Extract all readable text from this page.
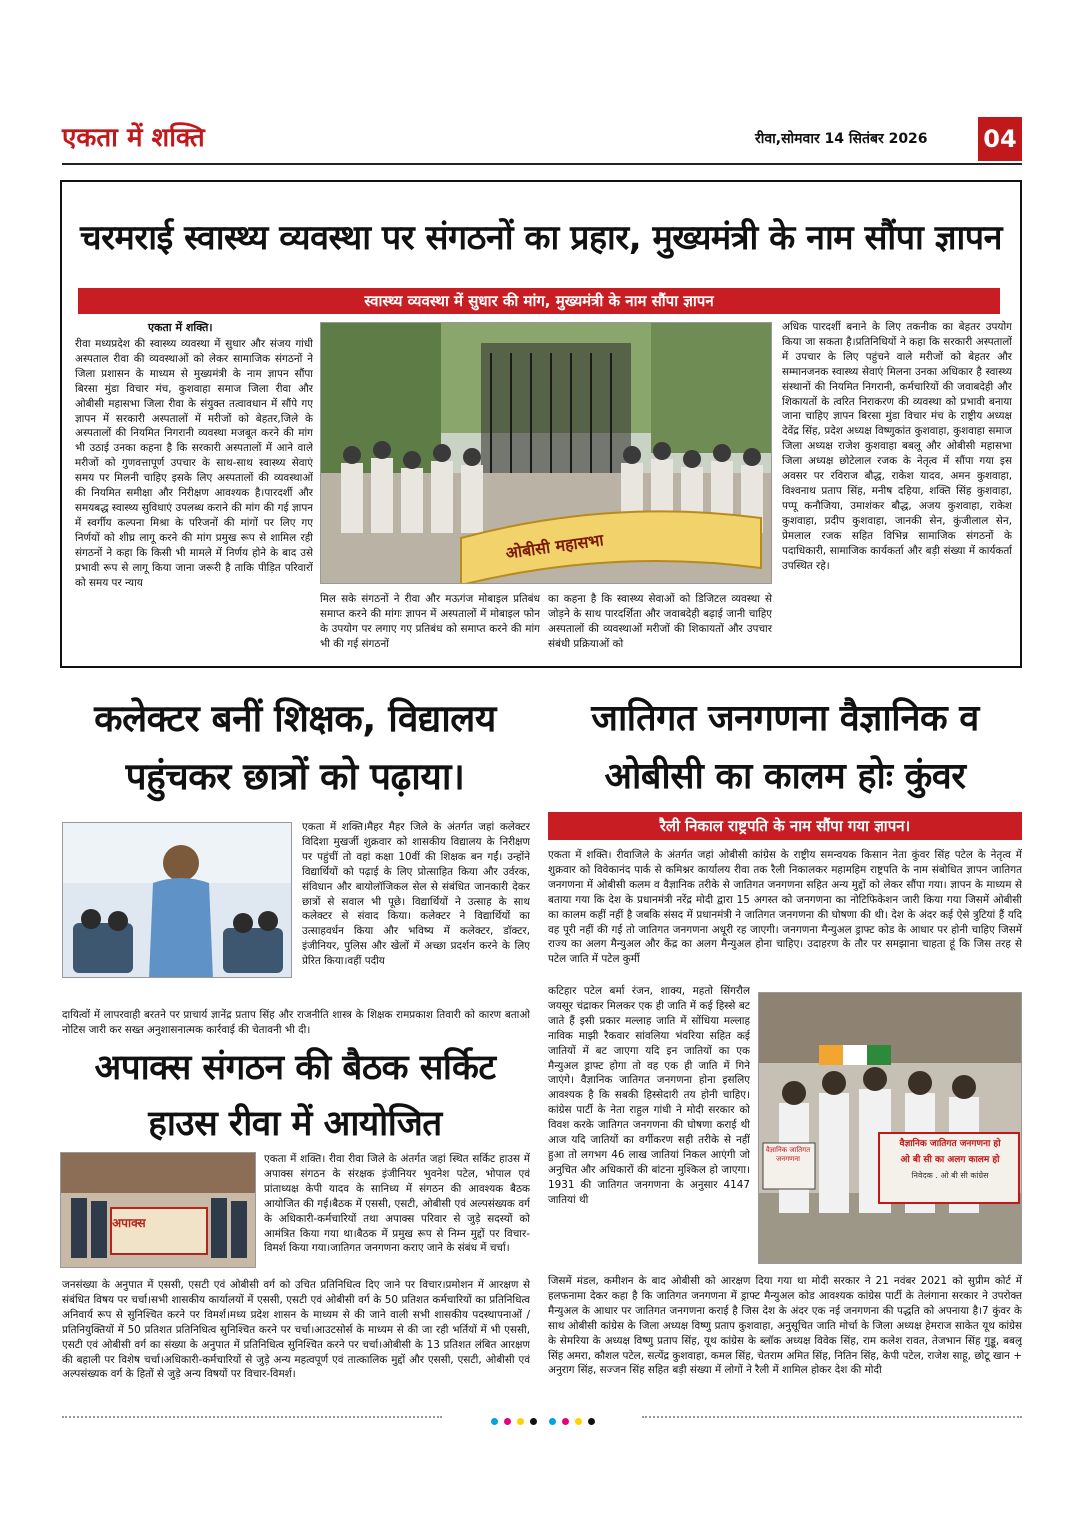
एकता में शक्ति	रीवा,सोमवार 14 सितंबर 2026	04
चरमराई स्वास्थ्य व्यवस्था पर संगठनों का प्रहार, मुख्यमंत्री के नाम सौंपा ज्ञापन
स्वास्थ्य व्यवस्था में सुधार की मांग, मुख्यमंत्री के नाम सौंपा ज्ञापन
एकता में शक्ति।
रीवा मध्यप्रदेश की स्वास्थ्य व्यवस्था में सुधार और संजय गांधी अस्पताल रीवा की व्यवस्थाओं को लेकर सामाजिक संगठनों ने जिला प्रशासन के माध्यम से मुख्यमंत्री के नाम ज्ञापन सौंपा बिरसा मुंडा विचार मंच, कुशवाहा समाज जिला रीवा और ओबीसी महासभा जिला रीवा के संयुक्त तत्वावधान में सौंपे गए ज्ञापन में सरकारी अस्पतालों में मरीजों को बेहतर,जिले के अस्पतालों की नियमित निगरानी व्यवस्था मजबूत करने की मांग भी उठाई उनका कहना है कि सरकारी अस्पतालों में आने वाले मरीजों को गुणवत्तापूर्ण उपचार के साथ-साथ स्वास्थ्य सेवाएं समय पर मिलनी चाहिए इसके लिए अस्पतालों की व्यवस्थाओं की नियमित समीक्षा और निरीक्षण आवश्यक है।पारदर्शी और समयबद्ध स्वास्थ्य सुविधाएं उपलब्ध कराने की मांग की गई ज्ञापन में स्वर्गीय कल्पना मिश्रा के परिजनों की मांगों पर लिए गए निर्णयों को शीघ्र लागू करने की मांग प्रमुख रूप से शामिल रही संगठनों ने कहा कि किसी भी मामले में निर्णय होने के बाद उसे प्रभावी रूप से लागू किया जाना जरूरी है ताकि पीड़ित परिवारों को समय पर न्याय
ओबीसी महासभा
मिल सके संगठनों ने रीवा और मऊगंज मोबाइल प्रतिबंध समाप्त करने की मांगः ज्ञापन में अस्पतालों में मोबाइल फोन के उपयोग पर लगाए गए प्रतिबंध को समाप्त करने की मांग भी की गई संगठनों
का कहना है कि स्वास्थ्य सेवाओं को डिजिटल व्यवस्था से जोड़ने के साथ पारदर्शिता और जवाबदेही बढ़ाई जानी चाहिए अस्पतालों की व्यवस्थाओं मरीजों की शिकायतों और उपचार संबंधी प्रक्रियाओं को
अधिक पारदर्शी बनाने के लिए तकनीक का बेहतर उपयोग किया जा सकता है।प्रतिनिधियों ने कहा कि सरकारी अस्पतालों में उपचार के लिए पहुंचने वाले मरीजों को बेहतर और सम्मानजनक स्वास्थ्य सेवाएं मिलना उनका अधिकार है स्वास्थ्य संस्थानों की नियमित निगरानी, कर्मचारियों की जवाबदेही और शिकायतों के त्वरित निराकरण की व्यवस्था को प्रभावी बनाया जाना चाहिए ज्ञापन बिरसा मुंडा विचार मंच के राष्ट्रीय अध्यक्ष देवेंद्र सिंह, प्रदेश अध्यक्ष विष्णुकांत कुशवाहा, कुशवाहा समाज जिला अध्यक्ष राजेश कुशवाहा बबलू और ओबीसी महासभा जिला अध्यक्ष छोटेलाल रजक के नेतृत्व में सौंपा गया इस अवसर पर रविराज बौद्ध, राकेश यादव, अमन कुशवाहा, विश्वनाथ प्रताप सिंह, मनीष दहिया, शक्ति सिंह कुशवाहा, पप्पू कनौजिया, उमाशंकर बौद्ध, अजय कुशवाहा, राकेश कुशवाहा, प्रदीप कुशवाहा, जानकी सेन, कुंजीलाल सेन, प्रेमलाल रजक सहित विभिन्न सामाजिक संगठनों के पदाधिकारी, सामाजिक कार्यकर्ता और बड़ी संख्या में कार्यकर्ता उपस्थित रहे।
कलेक्टर बनीं शिक्षक, विद्यालय पहुंचकर छात्रों को पढ़ाया।
एकता में शक्ति।मैहर मैहर जिले के अंतर्गत जहां कलेक्टर विदिशा मुखर्जी शुक्रवार को शासकीय विद्यालय के निरीक्षण पर पहुंचीं तो वहां कक्षा 10वीं की शिक्षक बन गईं। उन्होंने विद्यार्थियों को पढ़ाई के लिए प्रोत्साहित किया और उर्वरक, संविधान और बायोलॉजिकल सेल से संबंधित जानकारी देकर छात्रों से सवाल भी पूछे। विद्यार्थियों ने उत्साह के साथ कलेक्टर से संवाद किया। कलेक्टर ने विद्यार्थियों का उत्साहवर्धन किया और भविष्य में कलेक्टर, डॉक्टर, इंजीनियर, पुलिस और खेलों में अच्छा प्रदर्शन करने के लिए प्रेरित किया।वहीं पदीय
दायित्वों में लापरवाही बरतने पर प्राचार्य ज्ञानेंद्र प्रताप सिंह और राजनीति शास्त्र के शिक्षक रामप्रकाश तिवारी को कारण बताओ नोटिस जारी कर सख्त अनुशासनात्मक कार्रवाई की चेतावनी भी दी।
अपाक्स संगठन की बैठक सर्किट हाउस रीवा में आयोजित
अपाक्स
एकता में शक्ति। रीवा रीवा जिले के अंतर्गत जहां स्थित सर्किट हाउस में अपाक्स संगठन के संरक्षक इंजीनियर भुवनेश पटेल, भोपाल एवं प्रांताध्यक्ष केपी यादव के सानिध्य में संगठन की आवश्यक बैठक आयोजित की गई।बैठक में एससी, एसटी, ओबीसी एवं अल्पसंख्यक वर्ग के अधिकारी-कर्मचारियों तथा अपाक्स परिवार से जुड़े सदस्यों को आमंत्रित किया गया था।बैठक में प्रमुख रूप से निम्न मुद्दों पर विचार-विमर्श किया गया।जातिगत जनगणना कराए जाने के संबंध में चर्चा।
जनसंख्या के अनुपात में एससी, एसटी एवं ओबीसी वर्ग को उचित प्रतिनिधित्व दिए जाने पर विचार।प्रमोशन में आरक्षण से संबंधित विषय पर चर्चा।सभी शासकीय कार्यालयों में एससी, एसटी एवं ओबीसी वर्ग के 50 प्रतिशत कर्मचारियों का प्रतिनिधित्व अनिवार्य रूप से सुनिश्चित करने पर विमर्श।मध्य प्रदेश शासन के माध्यम से की जाने वाली सभी शासकीय पदस्थापनाओं / प्रतिनियुक्तियों में 50 प्रतिशत प्रतिनिधित्व सुनिश्चित करने पर चर्चा।आउटसोर्स के माध्यम से की जा रही भर्तियों में भी एससी, एसटी एवं ओबीसी वर्ग का संख्या के अनुपात में प्रतिनिधित्व सुनिश्चित करने पर चर्चा।ओबीसी के 13 प्रतिशत लंबित आरक्षण की बहाली पर विशेष चर्चा।अधिकारी-कर्मचारियों से जुड़े अन्य महत्वपूर्ण एवं तात्कालिक मुद्दों और एससी, एसटी, ओबीसी एवं अल्पसंख्यक वर्ग के हितों से जुड़े अन्य विषयों पर विचार-विमर्श।
जातिगत जनगणना वैज्ञानिक व ओबीसी का कालम होः कुंवर
रैली निकाल राष्ट्रपति के नाम सौंपा गया ज्ञापन।
एकता में शक्ति। रीवाजिले के अंतर्गत जहां ओबीसी कांग्रेस के राष्ट्रीय समन्वयक किसान नेता कुंवर सिंह पटेल के नेतृत्व में शुक्रवार को विवेकानंद पार्क से कमिश्नर कार्यालय रीवा तक रैली निकालकर महामहिम राष्ट्रपति के नाम संबोधित ज्ञापन जातिगत जनगणना में ओबीसी कलम व वैज्ञानिक तरीके से जातिगत जनगणना सहित अन्य मुद्दों को लेकर सौंपा गया। ज्ञापन के माध्यम से बताया गया कि देश के प्रधानमंत्री नरेंद्र मोदी द्वारा 15 अगस्त को जनगणना का नोटिफिकेशन जारी किया गया जिसमें ओबीसी का कालम कहीं नहीं है जबकि संसद में प्रधानमंत्री ने जातिगत जनगणना की घोषणा की थी। देश के अंदर कई ऐसे त्रुटियां हैं यदि वह पूरी नहीं की गई तो जातिगत जनगणना अधूरी रह जाएगी। जनगणना मैन्युअल ड्राफ्ट कोड के आधार पर होनी चाहिए जिसमें राज्य का अलग मैन्युअल और केंद्र का अलग मैन्युअल होना चाहिए। उदाहरण के तौर पर समझाना चाहता हूं कि जिस तरह से पटेल जाति में पटेल कुर्मी
कटिहार पटेल बर्मा रंजन, शाक्य, महतो सिंगरौल जयसूर चंद्राकर मिलकर एक ही जाति में कई हिस्से बट जाते हैं इसी प्रकार मल्लाह जाति में सोंधिया मल्लाह नाविक माझी रैकवार सांवलिया भंवरिया सहित कई जातियों में बट जाएगा यदि इन जातियों का एक मैन्युअल ड्राफ्ट होगा तो वह एक ही जाति में गिने जाएंगे। वैज्ञानिक जातिगत जनगणना होना इसलिए आवश्यक है कि सबकी हिस्सेदारी तय होनी चाहिए। कांग्रेस पार्टी के नेता राहुल गांधी ने मोदी सरकार को विवश करके जातिगत जनगणना की घोषणा कराई थी आज यदि जातियों का वर्गीकरण सही तरीके से नहीं हुआ तो लगभग 46 लाख जातियां निकल आएंगी जो अनुचित और अधिकारों की बांटना मुश्किल हो जाएगा। 1931 की जातिगत जनगणना के अनुसार 4147 जातियां थी
वैज्ञानिक जातिगत जनगणना हो
ओ बी सी का अलग कालम हो
निवेदक . ओ बी सी कांग्रेस
वैज्ञानिक जातिगत जनगणना
जिसमें मंडल, कमीशन के बाद ओबीसी को आरक्षण दिया गया था मोदी सरकार ने 21 नवंबर 2021 को सुप्रीम कोर्ट में हलफनामा देकर कहा है कि जातिगत जनगणना में ड्राफ्ट मैन्युअल कोड आवश्यक कांग्रेस पार्टी के तेलंगाना सरकार ने उपरोक्त मैन्युअल के आधार पर जातिगत जनगणना कराई है जिस देश के अंदर एक नई जनगणना की पद्धति को अपनाया है।7 कुंवर के साथ ओबीसी कांग्रेस के जिला अध्यक्ष विष्णु प्रताप कुशवाहा, अनुसूचित जाति मोर्चा के जिला अध्यक्ष हेमराज साकेत यूथ कांग्रेस के सेमरिया के अध्यक्ष विष्णु प्रताप सिंह, यूथ कांग्रेस के ब्लॉक अध्यक्ष विवेक सिंह, राम कलेश रावत, तेजभान सिंह गुड्डू, बबलू सिंह अमरा, कौशल पटेल, सत्येंद्र कुशवाहा, कमल सिंह, चेतराम अमित सिंह, नितिन सिंह, केपी पटेल, राजेश साहू, छोटू खान + अनुराग सिंह, सज्जन सिंह सहित बड़ी संख्या में लोगों ने रैली में शामिल होकर देश की मोदी
